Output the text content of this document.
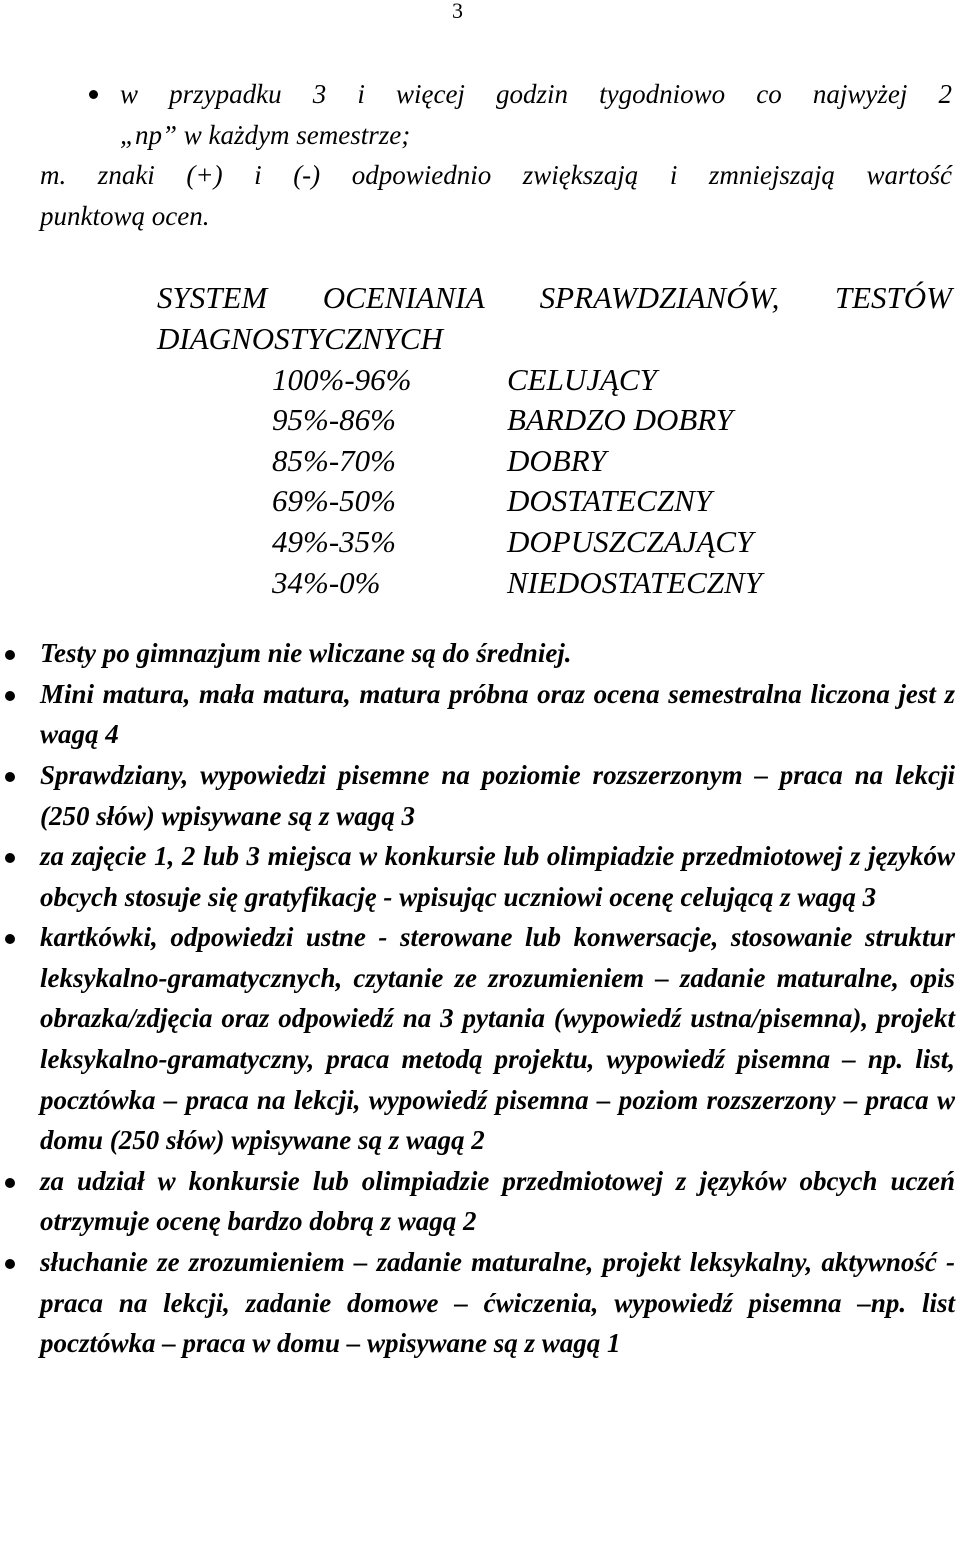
3
w przypadku 3 i więcej godzin tygodniowo co najwyżej 2
„np” w każdym semestrze;
m. znaki (+) i (-) odpowiednio zwiększają i zmniejszają wartość
punktową ocen.
SYSTEM OCENIANIA SPRAWDZIANÓW, TESTÓW
DIAGNOSTYCZNYCH
100%-96%	CELUJĄCY
95%-86%	BARDZO DOBRY
85%-70%	DOBRY
69%-50%	DOSTATECZNY
49%-35%	DOPUSZCZAJĄCY
34%-0%	NIEDOSTATECZNY
Testy po gimnazjum nie wliczane są do średniej.
Mini matura, mała matura, matura próbna oraz ocena semestralna liczona jest z wagą 4
Sprawdziany, wypowiedzi pisemne na poziomie rozszerzonym – praca na lekcji (250 słów) wpisywane są z wagą 3
za zajęcie 1, 2 lub 3 miejsca w konkursie lub olimpiadzie przedmiotowej z języków obcych stosuje się gratyfikację - wpisując uczniowi ocenę celującą z wagą 3
kartkówki, odpowiedzi ustne - sterowane lub konwersacje, stosowanie struktur leksykalno-gramatycznych, czytanie ze zrozumieniem – zadanie maturalne, opis obrazka/zdjęcia oraz odpowiedź na 3 pytania (wypowiedź ustna/pisemna), projekt leksykalno-gramatyczny, praca metodą projektu, wypowiedź pisemna – np. list, pocztówka – praca na lekcji, wypowiedź pisemna – poziom rozszerzony – praca w domu (250 słów) wpisywane są z wagą 2
za udział w konkursie lub olimpiadzie przedmiotowej z języków obcych uczeń otrzymuje ocenę bardzo dobrą z wagą 2
słuchanie ze zrozumieniem – zadanie maturalne, projekt leksykalny, aktywność - praca na lekcji, zadanie domowe – ćwiczenia, wypowiedź pisemna –np. list pocztówka – praca w domu – wpisywane są z wagą 1
